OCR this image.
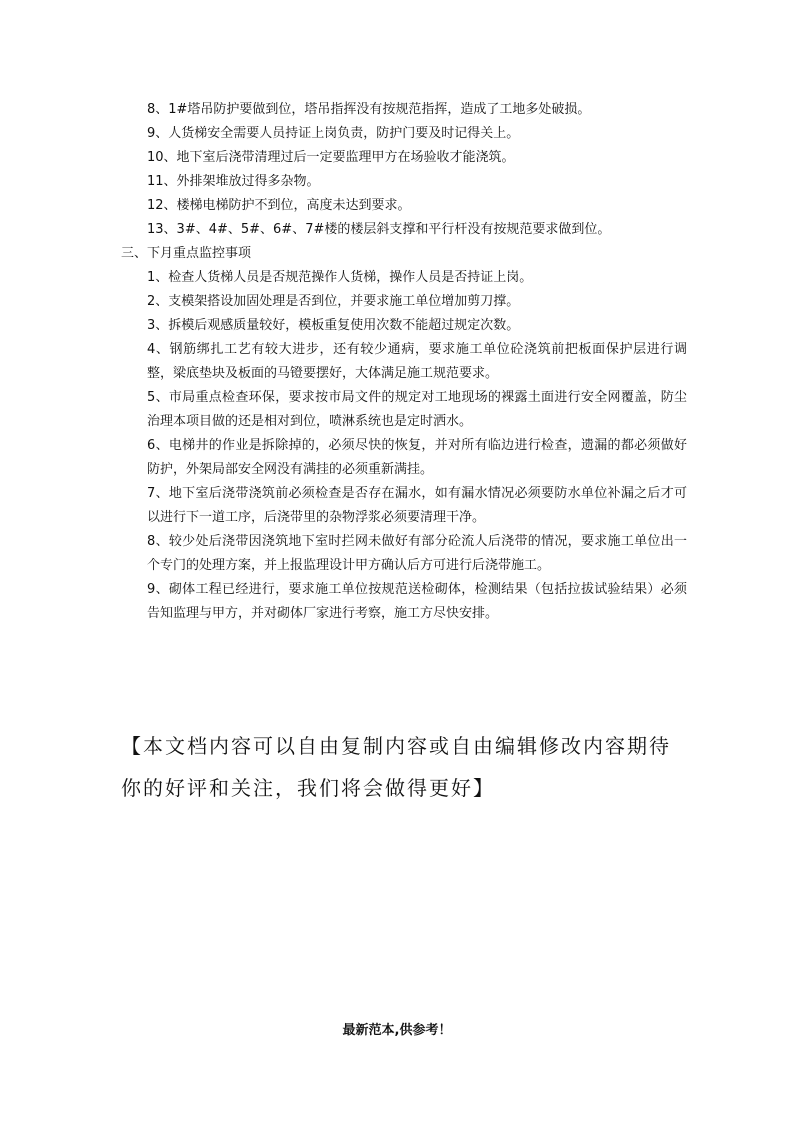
8、1#塔吊防护要做到位，塔吊指挥没有按规范指挥，造成了工地多处破损。
9、人货梯安全需要人员持证上岗负责，防护门要及时记得关上。
10、地下室后浇带清理过后一定要监理甲方在场验收才能浇筑。
11、外排架堆放过得多杂物。
12、楼梯电梯防护不到位，高度未达到要求。
13、3#、4#、5#、6#、7#楼的楼层斜支撑和平行杆没有按规范要求做到位。
三、下月重点监控事项
1、检查人货梯人员是否规范操作人货梯，操作人员是否持证上岗。
2、支模架搭设加固处理是否到位，并要求施工单位增加剪刀撑。
3、拆模后观感质量较好，模板重复使用次数不能超过规定次数。
4、钢筋绑扎工艺有较大进步，还有较少通病，要求施工单位砼浇筑前把板面保护层进行调整，梁底垫块及板面的马镫要摆好，大体满足施工规范要求。
5、市局重点检查环保，要求按市局文件的规定对工地现场的裸露土面进行安全网覆盖，防尘治理本项目做的还是相对到位，喷淋系统也是定时洒水。
6、电梯井的作业是拆除掉的，必须尽快的恢复，并对所有临边进行检查，遗漏的都必须做好防护，外架局部安全网没有满挂的必须重新满挂。
7、地下室后浇带浇筑前必须检查是否存在漏水，如有漏水情况必须要防水单位补漏之后才可以进行下一道工序，后浇带里的杂物浮浆必须要清理干净。
8、较少处后浇带因浇筑地下室时拦网未做好有部分砼流人后浇带的情况，要求施工单位出一个专门的处理方案，并上报监理设计甲方确认后方可进行后浇带施工。
9、砌体工程已经进行，要求施工单位按规范送检砌体，检测结果（包括拉拔试验结果）必须告知监理与甲方，并对砌体厂家进行考察，施工方尽快安排。
【本文档内容可以自由复制内容或自由编辑修改内容期待你的好评和关注，我们将会做得更好】
最新范本,供参考！
